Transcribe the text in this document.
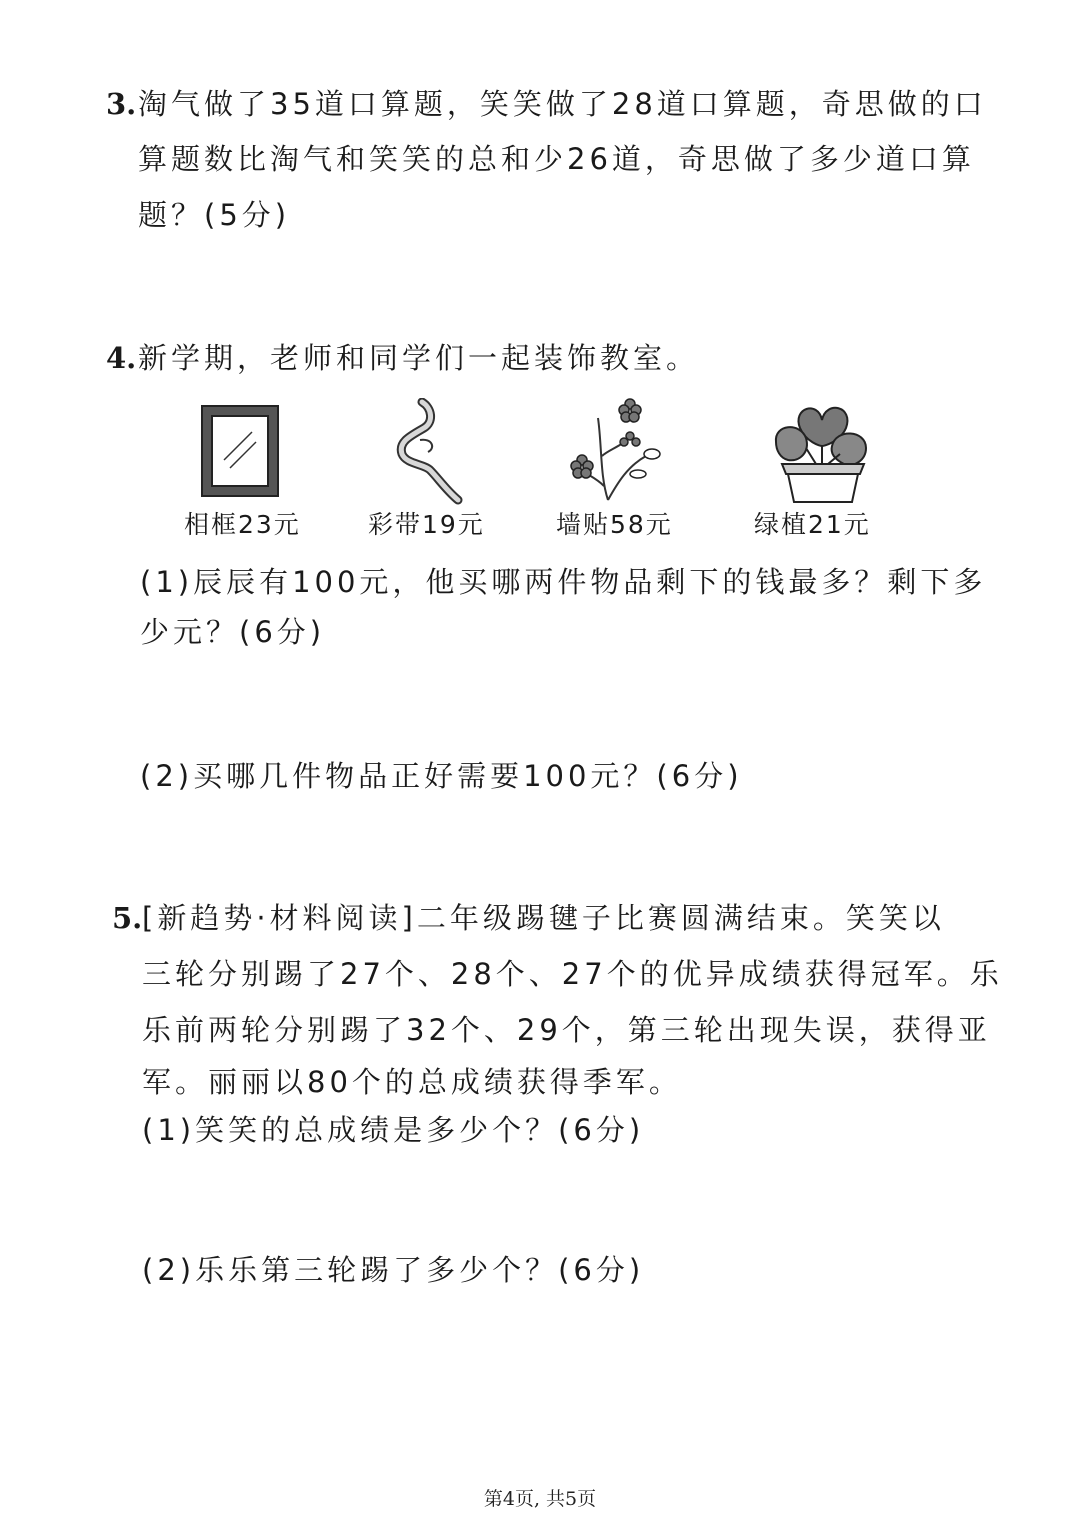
3. 淘气做了35道口算题，笑笑做了28道口算题，奇思做的口
算题数比淘气和笑笑的总和少26道，奇思做了多少道口算
题？(5分)
4. 新学期，老师和同学们一起装饰教室。
相框23元	彩带19元	墙贴58元	绿植21元
(1)辰辰有100元，他买哪两件物品剩下的钱最多？剩下多
少元？(6分)
(2)买哪几件物品正好需要100元？(6分)
5. [新趋势·材料阅读]二年级踢毽子比赛圆满结束。笑笑以
三轮分别踢了27个、28个、27个的优异成绩获得冠军。乐
乐前两轮分别踢了32个、29个，第三轮出现失误，获得亚
军。丽丽以80个的总成绩获得季军。
(1)笑笑的总成绩是多少个？(6分)
(2)乐乐第三轮踢了多少个？(6分)
第4页, 共5页
